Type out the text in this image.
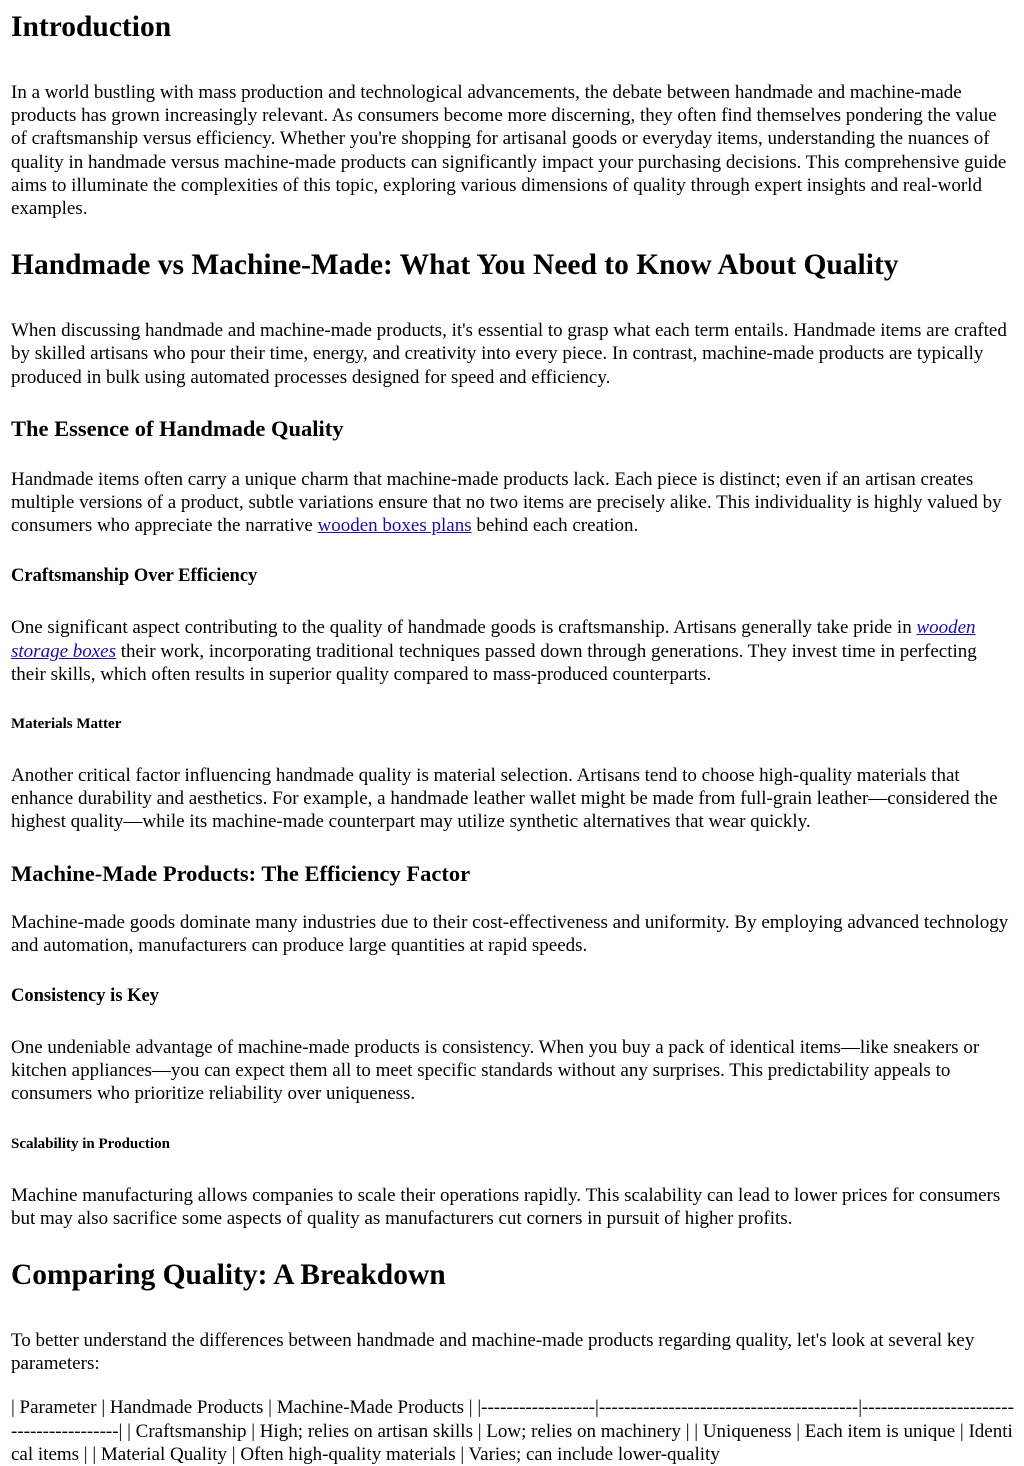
Introduction

In a world bustling with mass production and technological advancements, the debate between handmade and machine-made products has grown increasingly relevant. As consumers become more discerning, they often find themselves pondering the value of craftsmanship versus efficiency. Whether you're shopping for artisanal goods or everyday items, understanding the nuances of quality in handmade versus machine-made products can significantly impact your purchasing decisions. This comprehensive guide aims to illuminate the complexities of this topic, exploring various dimensions of quality through expert insights and real-world examples.

Handmade vs Machine-Made: What You Need to Know About Quality

When discussing handmade and machine-made products, it's essential to grasp what each term entails. Handmade items are crafted by skilled artisans who pour their time, energy, and creativity into every piece. In contrast, machine-made products are typically produced in bulk using automated processes designed for speed and efficiency.

The Essence of Handmade Quality

Handmade items often carry a unique charm that machine-made products lack. Each piece is distinct; even if an artisan creates multiple versions of a product, subtle variations ensure that no two items are precisely alike. This individuality is highly valued by consumers who appreciate the narrative wooden boxes plans behind each creation.

Craftsmanship Over Efficiency

One significant aspect contributing to the quality of handmade goods is craftsmanship. Artisans generally take pride in wooden storage boxes their work, incorporating traditional techniques passed down through generations. They invest time in perfecting their skills, which often results in superior quality compared to mass-produced counterparts.

Materials Matter

Another critical factor influencing handmade quality is material selection. Artisans tend to choose high-quality materials that enhance durability and aesthetics. For example, a handmade leather wallet might be made from full-grain leather—considered the highest quality—while its machine-made counterpart may utilize synthetic alternatives that wear quickly.

Machine-Made Products: The Efficiency Factor

Machine-made goods dominate many industries due to their cost-effectiveness and uniformity. By employing advanced technology and automation, manufacturers can produce large quantities at rapid speeds.

Consistency is Key

One undeniable advantage of machine-made products is consistency. When you buy a pack of identical items—like sneakers or kitchen appliances—you can expect them all to meet specific standards without any surprises. This predictability appeals to consumers who prioritize reliability over uniqueness.

Scalability in Production

Machine manufacturing allows companies to scale their operations rapidly. This scalability can lead to lower prices for consumers but may also sacrifice some aspects of quality as manufacturers cut corners in pursuit of higher profits.

Comparing Quality: A Breakdown

To better understand the differences between handmade and machine-made products regarding quality, let's look at several key parameters:

| Parameter | Handmade Products | Machine-Made Products | |------------------|-----------------------------------------|-----------------------------------------| | Craftsmanship | High; relies on artisan skills | Low; relies on machinery | | Uniqueness | Each item is unique | Identical items | | Material Quality | Often high-quality materials | Varies; can include lower-quality
